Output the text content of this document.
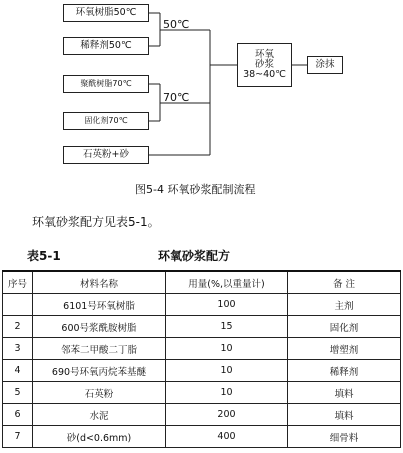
环氧树脂50℃
稀释剂50℃
聚酰树脂70℃
固化剂70℃
石英粉+砂
50℃
70℃
环氧
砂浆
38~40℃
涂抹
图5-4 环氧砂浆配制流程
环氧砂浆配方见表5-1。
表5-1	环氧砂浆配方
序号	材料名称	用量(%,以重量计)	备 注
	6101号环氧树脂	100	主剂
2	600号浆酰胺树脂	15	固化剂
3	邻苯二甲酸二丁脂	10	增塑剂
4	690号环氧丙烷苯基醚	10	稀释剂
5	石英粉	10	填料
6	水泥	200	填料
7	砂(d<0.6mm)	400	细骨料
